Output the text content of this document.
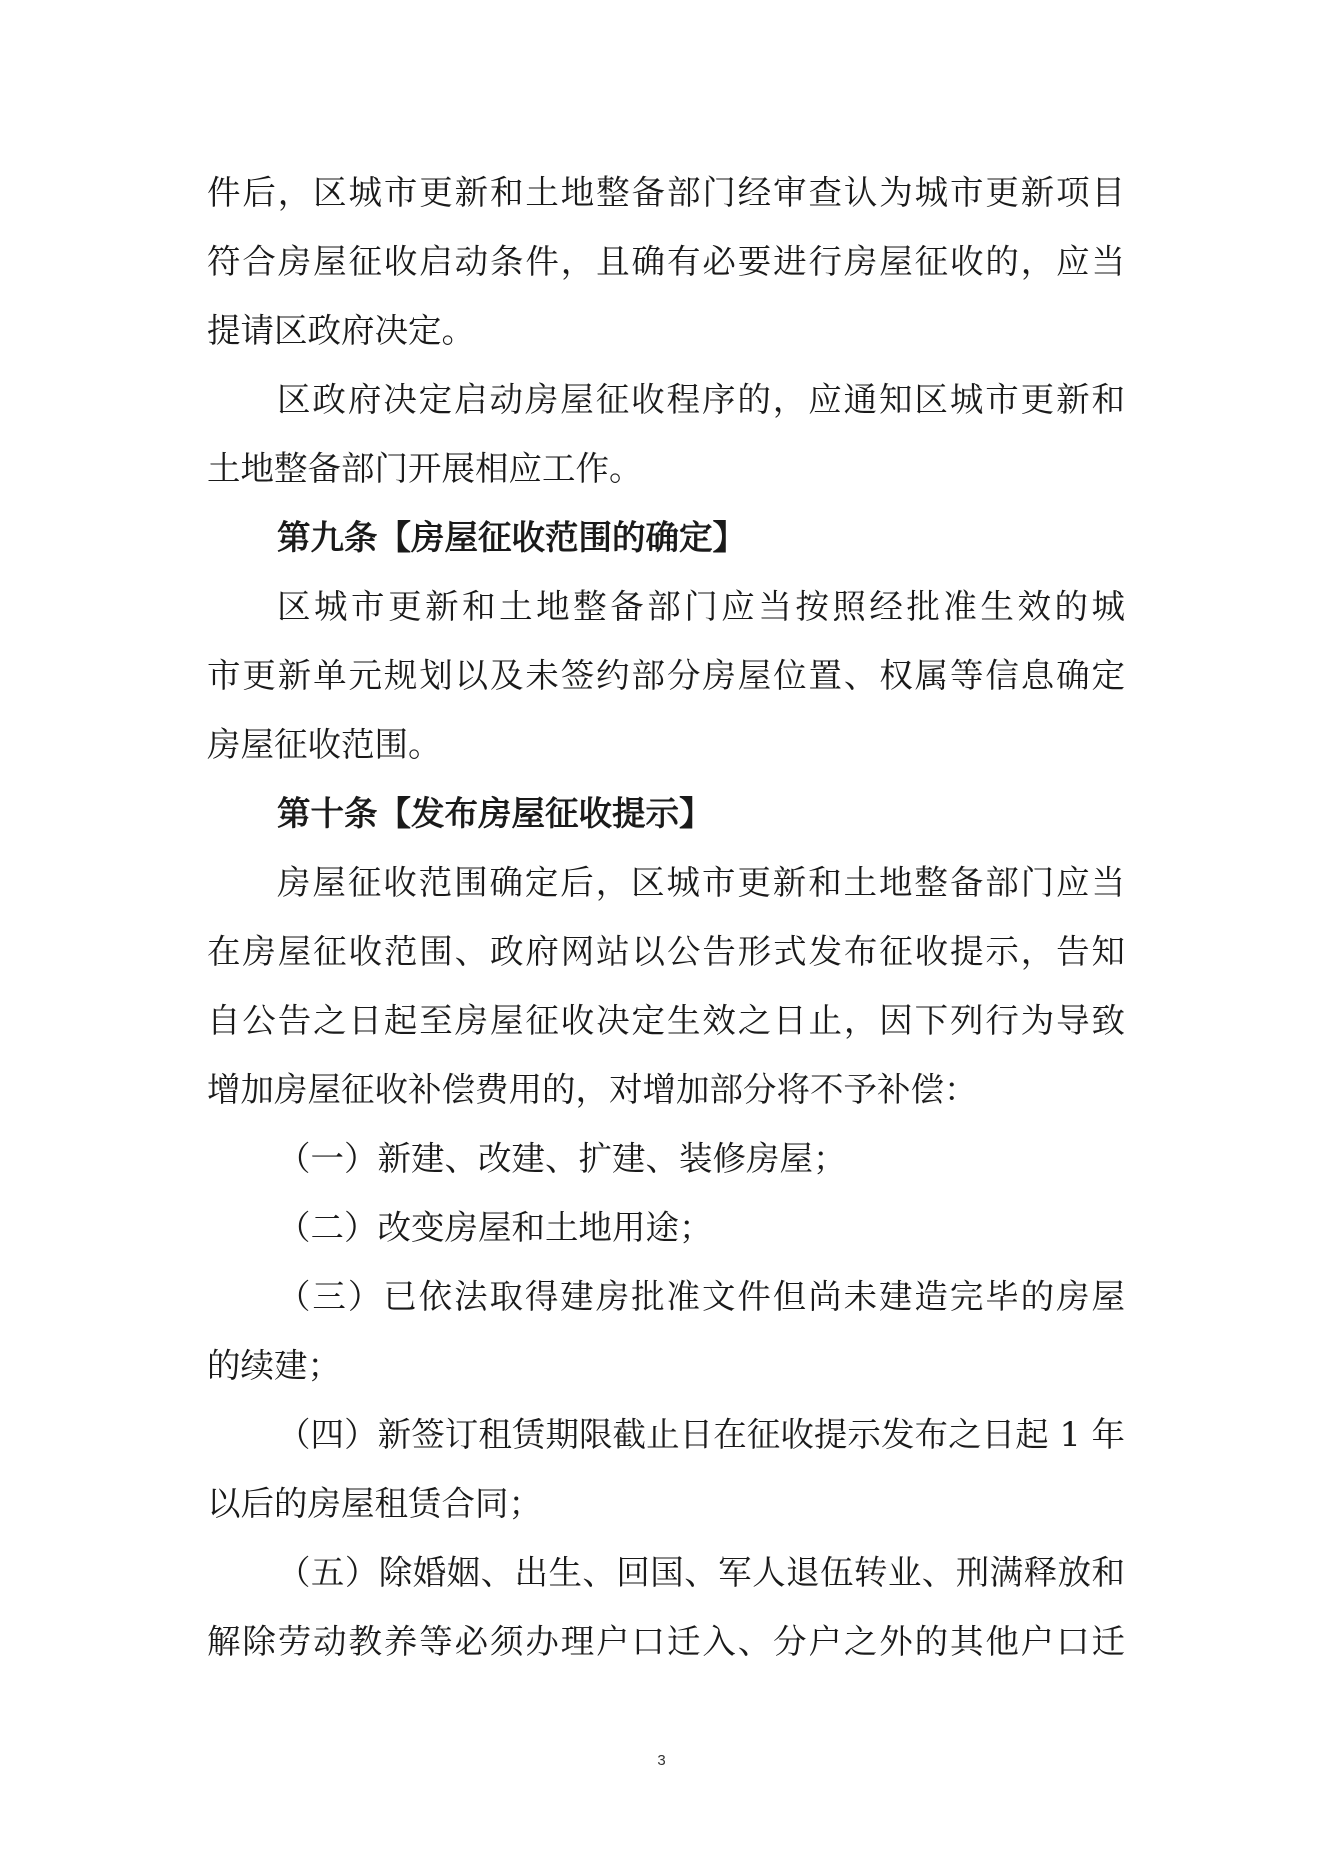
件后，区城市更新和土地整备部门经审查认为城市更新项目
符合房屋征收启动条件，且确有必要进行房屋征收的，应当
提请区政府决定。
区政府决定启动房屋征收程序的，应通知区城市更新和
土地整备部门开展相应工作。
第九条【房屋征收范围的确定】
区城市更新和土地整备部门应当按照经批准生效的城
市更新单元规划以及未签约部分房屋位置、权属等信息确定
房屋征收范围。
第十条【发布房屋征收提示】
房屋征收范围确定后，区城市更新和土地整备部门应当
在房屋征收范围、政府网站以公告形式发布征收提示，告知
自公告之日起至房屋征收决定生效之日止，因下列行为导致
增加房屋征收补偿费用的，对增加部分将不予补偿：
（一）新建、改建、扩建、装修房屋；
（二）改变房屋和土地用途；
（三）已依法取得建房批准文件但尚未建造完毕的房屋
的续建；
（四）新签订租赁期限截止日在征收提示发布之日起 1 年
以后的房屋租赁合同；
（五）除婚姻、出生、回国、军人退伍转业、刑满释放和
解除劳动教养等必须办理户口迁入、分户之外的其他户口迁
3
